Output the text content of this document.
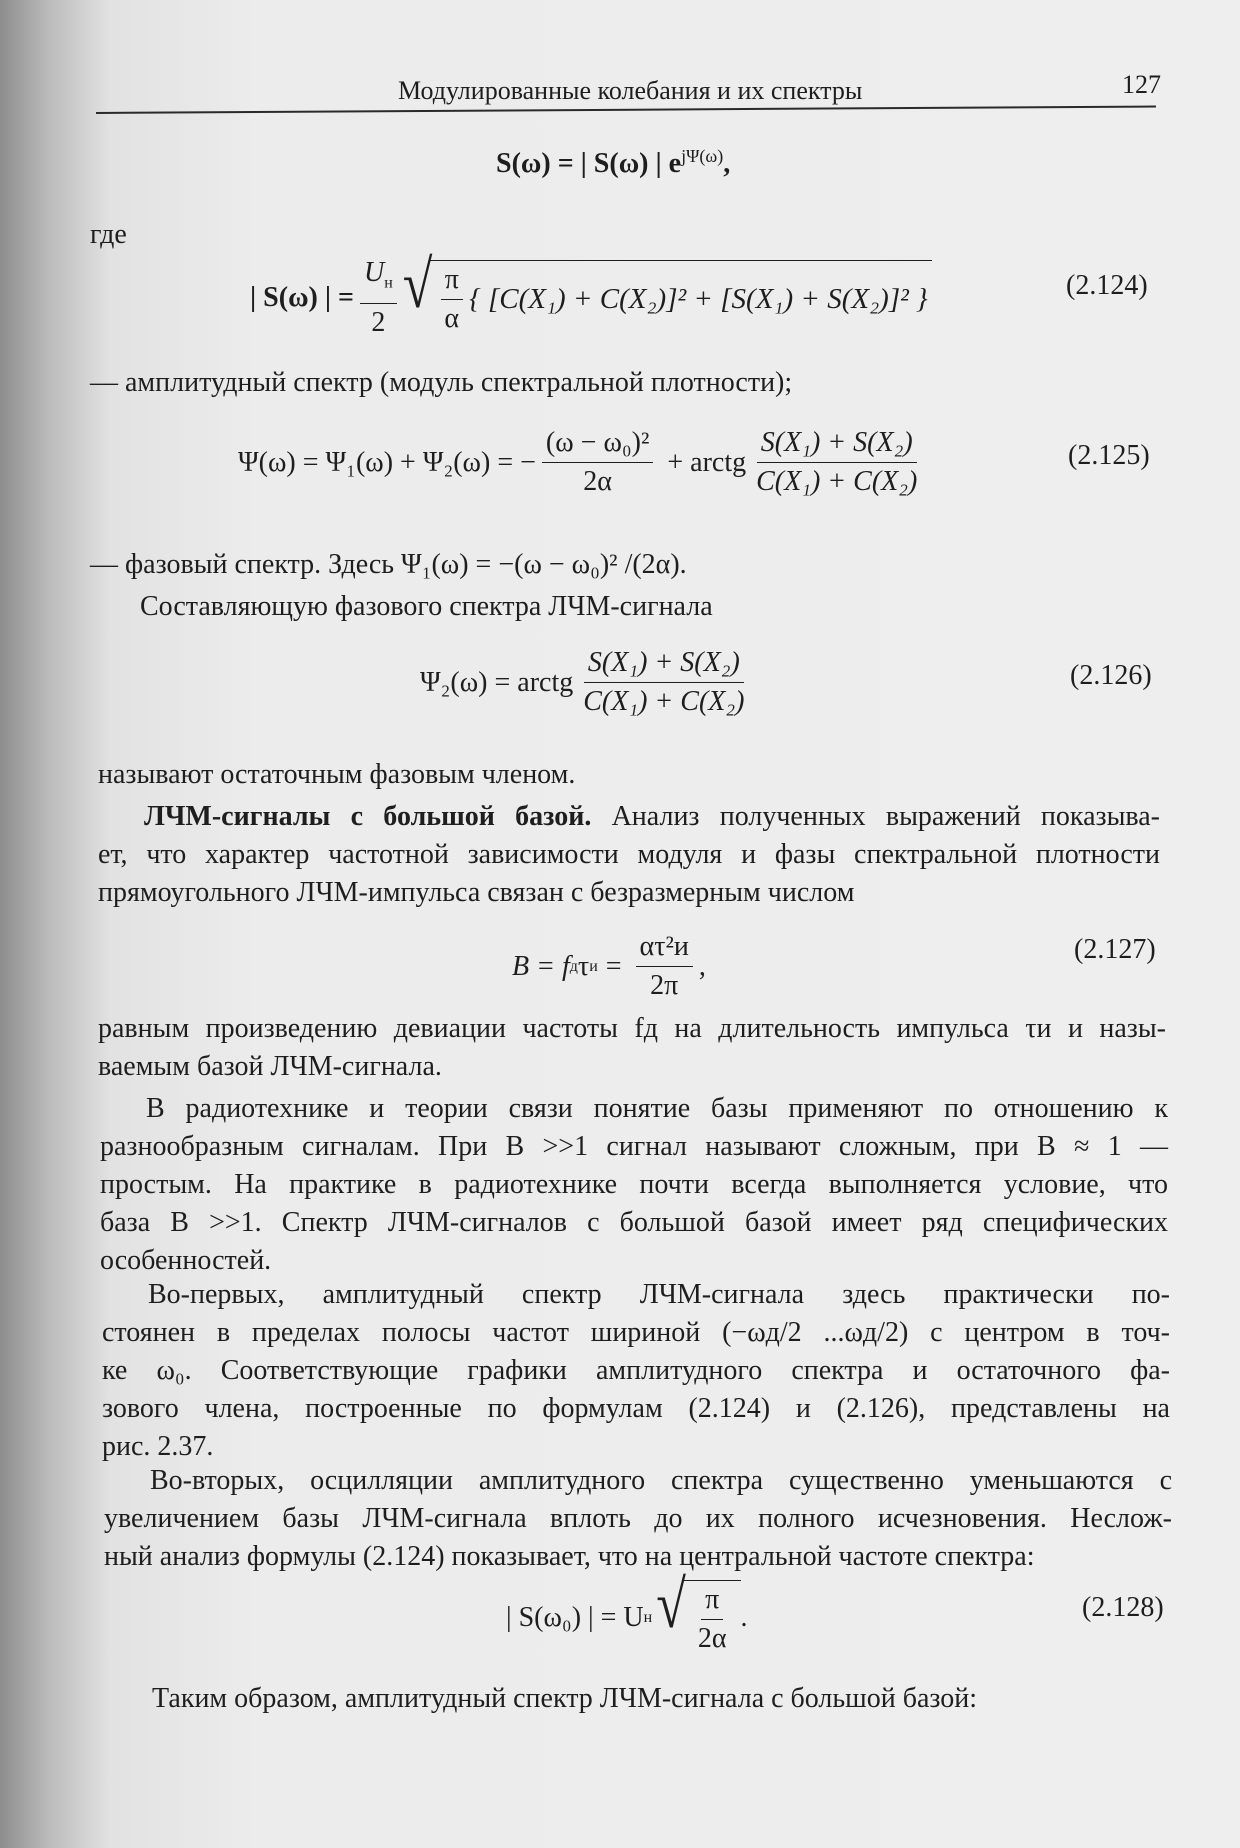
Модулированные колебания и их спектры	127
S(ω) = | S(ω) | $e^{j\Psi(\omega)}$ ,
где
| S(ω) | = $\frac{U_н}{2}$ √ $\frac{\pi}{\alpha}$ { [C(X₁) + C(X₂)]² + [S(X₁) + S(X₂)]² }	(2.124)
— амплитудный спектр (модуль спектральной плотности);
Ψ(ω) = Ψ₁(ω) + Ψ₂(ω) = − $\frac{\text{(ω − ω₀)²}}{2\alpha}$ + arctg $\frac{\text{S(X₁) + S(X₂)}}{\text{C(X₁) + C(X₂)}}$	(2.125)
— фазовый спектр. Здесь Ψ₁(ω) = −(ω − ω₀)² /(2α).
Составляющую фазового спектра ЛЧМ-сигнала
Ψ₂(ω) = arctg $\frac{\text{S(X₁) + S(X₂)}}{\text{C(X₁) + C(X₂)}}$	(2.126)
называют остаточным фазовым членом.
ЛЧМ-сигналы с большой базой. Анализ полученных выражений показыва-
ет, что характер частотной зависимости модуля и фазы спектральной плотности
прямоугольного ЛЧМ-импульса связан с безразмерным числом
B = f д τ $и = \frac{\text{ατ²и}}{2\pi}$ ,
(2.127)
равным произведению девиации частоты fд на длительность импульса τи и назы-
ваемым базой ЛЧМ-сигнала.
В радиотехнике и теории связи понятие базы применяют по отношению к
разнообразным сигналам. При B >>1 сигнал называют сложным, при B ≈ 1 —
простым. На практике в радиотехнике почти всегда выполняется условие, что
база B >>1. Спектр ЛЧМ-сигналов с большой базой имеет ряд специфических
особенностей.
Во-первых, амплитудный спектр ЛЧМ-сигнала здесь практически по-
стоянен в пределах полосы частот шириной (−ωд/2 ...ωд/2) с центром в точ-
ке ω₀. Соответствующие графики амплитудного спектра и остаточного фа-
зового члена, построенные по формулам (2.124) и (2.126), представлены на
рис. 2.37.
Во-вторых, осцилляции амплитудного спектра существенно уменьшаются с
увеличением базы ЛЧМ-сигнала вплоть до их полного исчезновения. Неслож-
ный анализ формулы (2.124) показывает, что на центральной частоте спектра:
| S(ω₀) | = U н √ $\frac{\pi}{2\alpha}$ .	(2.128)
Таким образом, амплитудный спектр ЛЧМ-сигнала с большой базой:
